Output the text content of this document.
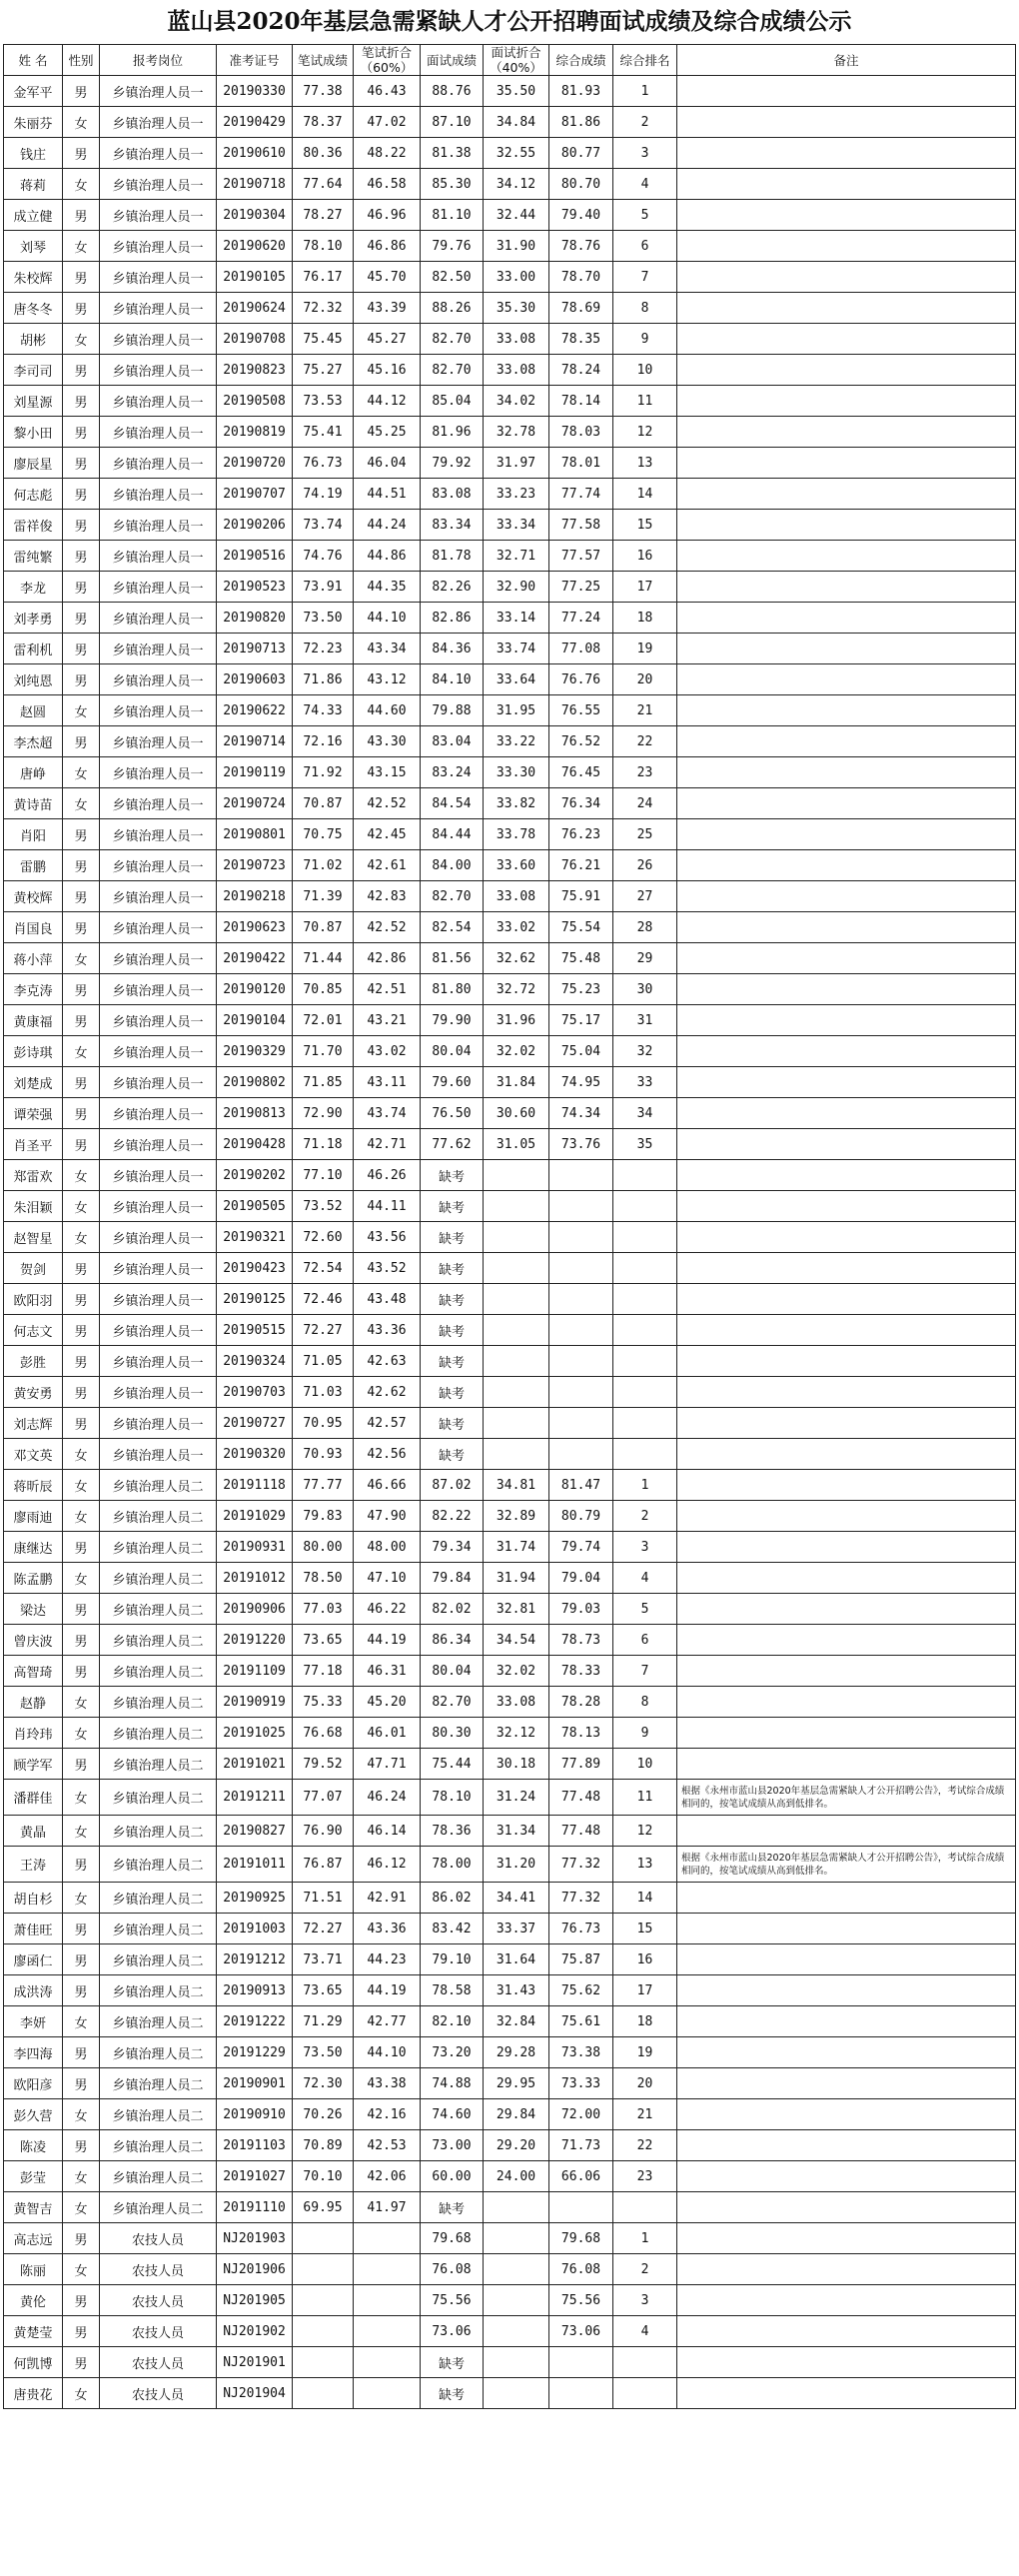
蓝山县2020年基层急需紧缺人才公开招聘面试成绩及综合成绩公示
姓 名	性别	报考岗位	准考证号	笔试成绩	笔试折合（60%）	面试成绩	面试折合（40%）	综合成绩	综合排名	备注
金军平	男	乡镇治理人员一	20190330	77.38	46.43	88.76	35.50	81.93	1	
朱丽芬	女	乡镇治理人员一	20190429	78.37	47.02	87.10	34.84	81.86	2	
钱庄	男	乡镇治理人员一	20190610	80.36	48.22	81.38	32.55	80.77	3	
蒋莉	女	乡镇治理人员一	20190718	77.64	46.58	85.30	34.12	80.70	4	
成立健	男	乡镇治理人员一	20190304	78.27	46.96	81.10	32.44	79.40	5	
刘琴	女	乡镇治理人员一	20190620	78.10	46.86	79.76	31.90	78.76	6	
朱校辉	男	乡镇治理人员一	20190105	76.17	45.70	82.50	33.00	78.70	7	
唐冬冬	男	乡镇治理人员一	20190624	72.32	43.39	88.26	35.30	78.69	8	
胡彬	女	乡镇治理人员一	20190708	75.45	45.27	82.70	33.08	78.35	9	
李司司	男	乡镇治理人员一	20190823	75.27	45.16	82.70	33.08	78.24	10	
刘星源	男	乡镇治理人员一	20190508	73.53	44.12	85.04	34.02	78.14	11	
黎小田	男	乡镇治理人员一	20190819	75.41	45.25	81.96	32.78	78.03	12	
廖辰星	男	乡镇治理人员一	20190720	76.73	46.04	79.92	31.97	78.01	13	
何志彪	男	乡镇治理人员一	20190707	74.19	44.51	83.08	33.23	77.74	14	
雷祥俊	男	乡镇治理人员一	20190206	73.74	44.24	83.34	33.34	77.58	15	
雷纯繁	男	乡镇治理人员一	20190516	74.76	44.86	81.78	32.71	77.57	16	
李龙	男	乡镇治理人员一	20190523	73.91	44.35	82.26	32.90	77.25	17	
刘孝勇	男	乡镇治理人员一	20190820	73.50	44.10	82.86	33.14	77.24	18	
雷利机	男	乡镇治理人员一	20190713	72.23	43.34	84.36	33.74	77.08	19	
刘纯恩	男	乡镇治理人员一	20190603	71.86	43.12	84.10	33.64	76.76	20	
赵圆	女	乡镇治理人员一	20190622	74.33	44.60	79.88	31.95	76.55	21	
李杰超	男	乡镇治理人员一	20190714	72.16	43.30	83.04	33.22	76.52	22	
唐峥	女	乡镇治理人员一	20190119	71.92	43.15	83.24	33.30	76.45	23	
黄诗苗	女	乡镇治理人员一	20190724	70.87	42.52	84.54	33.82	76.34	24	
肖阳	男	乡镇治理人员一	20190801	70.75	42.45	84.44	33.78	76.23	25	
雷鹏	男	乡镇治理人员一	20190723	71.02	42.61	84.00	33.60	76.21	26	
黄校辉	男	乡镇治理人员一	20190218	71.39	42.83	82.70	33.08	75.91	27	
肖国良	男	乡镇治理人员一	20190623	70.87	42.52	82.54	33.02	75.54	28	
蒋小萍	女	乡镇治理人员一	20190422	71.44	42.86	81.56	32.62	75.48	29	
李克涛	男	乡镇治理人员一	20190120	70.85	42.51	81.80	32.72	75.23	30	
黄康福	男	乡镇治理人员一	20190104	72.01	43.21	79.90	31.96	75.17	31	
彭诗琪	女	乡镇治理人员一	20190329	71.70	43.02	80.04	32.02	75.04	32	
刘楚成	男	乡镇治理人员一	20190802	71.85	43.11	79.60	31.84	74.95	33	
谭荣强	男	乡镇治理人员一	20190813	72.90	43.74	76.50	30.60	74.34	34	
肖圣平	男	乡镇治理人员一	20190428	71.18	42.71	77.62	31.05	73.76	35	
郑雷欢	女	乡镇治理人员一	20190202	77.10	46.26	缺考				
朱泪颖	女	乡镇治理人员一	20190505	73.52	44.11	缺考				
赵智星	女	乡镇治理人员一	20190321	72.60	43.56	缺考				
贺剑	男	乡镇治理人员一	20190423	72.54	43.52	缺考				
欧阳羽	男	乡镇治理人员一	20190125	72.46	43.48	缺考				
何志文	男	乡镇治理人员一	20190515	72.27	43.36	缺考				
彭胜	男	乡镇治理人员一	20190324	71.05	42.63	缺考				
黄安勇	男	乡镇治理人员一	20190703	71.03	42.62	缺考				
刘志辉	男	乡镇治理人员一	20190727	70.95	42.57	缺考				
邓文英	女	乡镇治理人员一	20190320	70.93	42.56	缺考				
蒋昕辰	女	乡镇治理人员二	20191118	77.77	46.66	87.02	34.81	81.47	1	
廖雨迪	女	乡镇治理人员二	20191029	79.83	47.90	82.22	32.89	80.79	2	
康继达	男	乡镇治理人员二	20190931	80.00	48.00	79.34	31.74	79.74	3	
陈孟鹏	女	乡镇治理人员二	20191012	78.50	47.10	79.84	31.94	79.04	4	
梁达	男	乡镇治理人员二	20190906	77.03	46.22	82.02	32.81	79.03	5	
曾庆波	男	乡镇治理人员二	20191220	73.65	44.19	86.34	34.54	78.73	6	
高智琦	男	乡镇治理人员二	20191109	77.18	46.31	80.04	32.02	78.33	7	
赵静	女	乡镇治理人员二	20190919	75.33	45.20	82.70	33.08	78.28	8	
肖玲玮	女	乡镇治理人员二	20191025	76.68	46.01	80.30	32.12	78.13	9	
顾学军	男	乡镇治理人员二	20191021	79.52	47.71	75.44	30.18	77.89	10	
潘群佳	女	乡镇治理人员二	20191211	77.07	46.24	78.10	31.24	77.48	11	根据《永州市蓝山县2020年基层急需紧缺人才公开招聘公告》，考试综合成绩相同的，按笔试成绩从高到低排名。
黄晶	女	乡镇治理人员二	20190827	76.90	46.14	78.36	31.34	77.48	12	
王涛	男	乡镇治理人员二	20191011	76.87	46.12	78.00	31.20	77.32	13	根据《永州市蓝山县2020年基层急需紧缺人才公开招聘公告》，考试综合成绩相同的，按笔试成绩从高到低排名。
胡自杉	女	乡镇治理人员二	20190925	71.51	42.91	86.02	34.41	77.32	14	
萧佳旺	男	乡镇治理人员二	20191003	72.27	43.36	83.42	33.37	76.73	15	
廖函仁	男	乡镇治理人员二	20191212	73.71	44.23	79.10	31.64	75.87	16	
成洪涛	男	乡镇治理人员二	20190913	73.65	44.19	78.58	31.43	75.62	17	
李妍	女	乡镇治理人员二	20191222	71.29	42.77	82.10	32.84	75.61	18	
李四海	男	乡镇治理人员二	20191229	73.50	44.10	73.20	29.28	73.38	19	
欧阳彦	男	乡镇治理人员二	20190901	72.30	43.38	74.88	29.95	73.33	20	
彭久营	女	乡镇治理人员二	20190910	70.26	42.16	74.60	29.84	72.00	21	
陈凌	男	乡镇治理人员二	20191103	70.89	42.53	73.00	29.20	71.73	22	
彭莹	女	乡镇治理人员二	20191027	70.10	42.06	60.00	24.00	66.06	23	
黄智吉	女	乡镇治理人员二	20191110	69.95	41.97	缺考				
高志远	男	农技人员	NJ201903			79.68		79.68	1	
陈丽	女	农技人员	NJ201906			76.08		76.08	2	
黄伦	男	农技人员	NJ201905			75.56		75.56	3	
黄楚莹	男	农技人员	NJ201902			73.06		73.06	4	
何凯博	男	农技人员	NJ201901			缺考				
唐贵花	女	农技人员	NJ201904			缺考				
